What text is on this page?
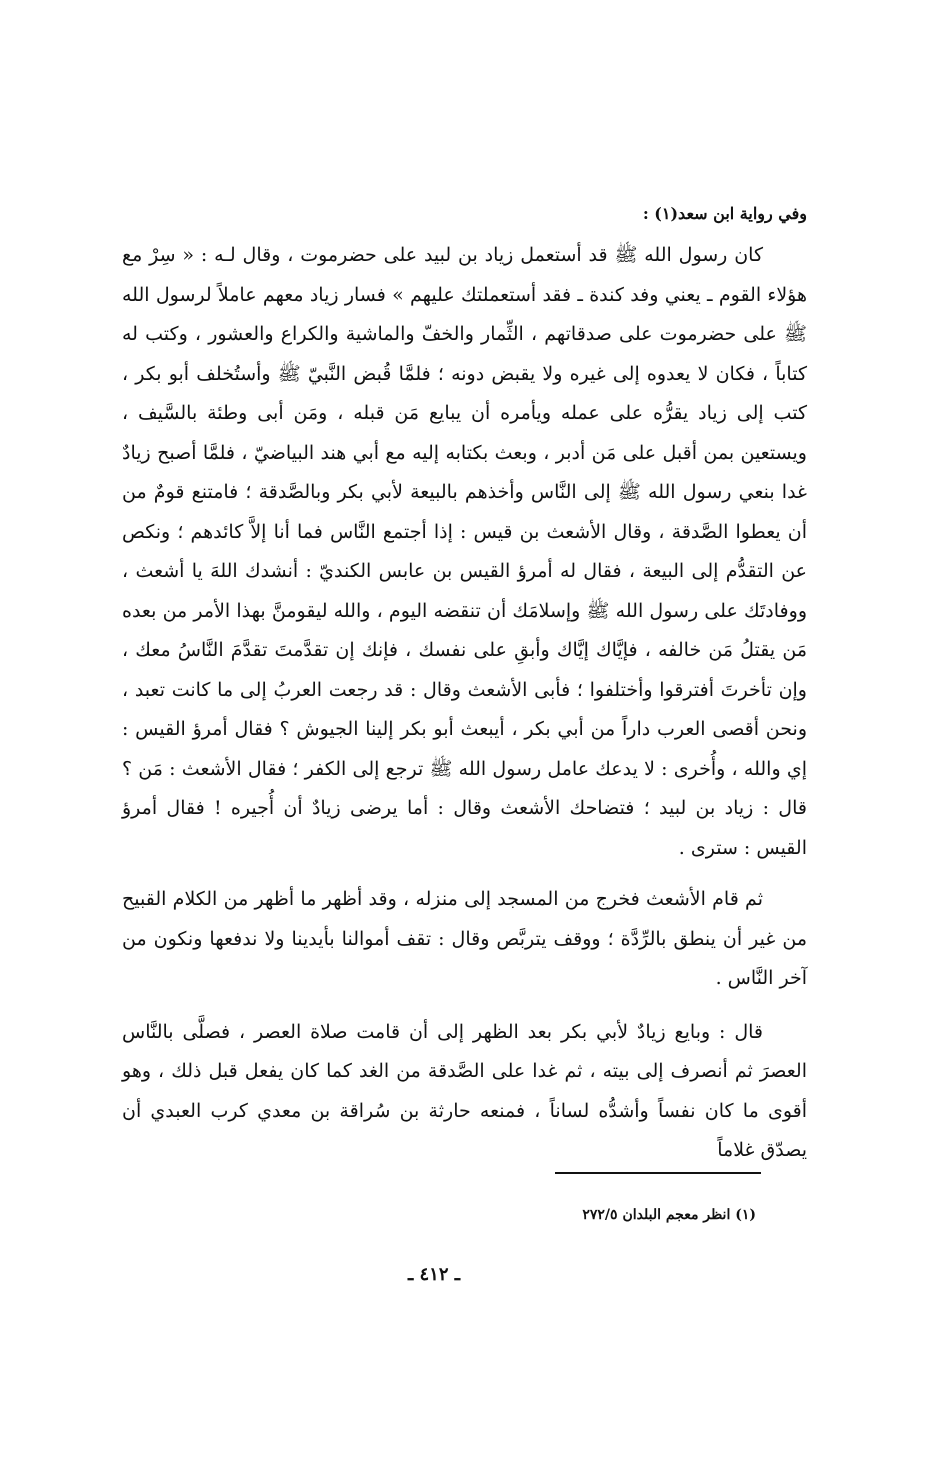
وفي رواية ابن سعد(١) :

كان رسول الله ﷺ قد أستعمل زياد بن لبيد على حضرموت ، وقال لـه : « سِرْ مع هؤلاء القوم ـ يعني وفد كندة ـ فقد أستعملتك عليهم » فسار زياد معهم عاملاً لرسول الله ﷺ على حضرموت على صدقاتهم ، الثِّمار والخفّ والماشية والكراع والعشور ، وكتب له كتاباً ، فكان لا يعدوه إلى غيره ولا يقبض دونه ؛ فلمَّا قُبض النَّبيّ ﷺ وأستُخلف أبو بكر ، كتب إلى زياد يقرُّه على عمله ويأمره أن يبايع مَن قبله ، ومَن أبى وطئة بالسَّيف ، ويستعين بمن أقبل على مَن أدبر ، وبعث بكتابه إليه مع أبي هند البياضيّ ، فلمَّا أصبح زيادٌ غدا بنعي رسول الله ﷺ إلى النَّاس وأخذهم بالبيعة لأبي بكر وبالصَّدقة ؛ فامتنع قومٌ من أن يعطوا الصَّدقة ، وقال الأشعث بن قيس : إذا أجتمع النَّاس فما أنا إلاَّ كائدهم ؛ ونكص عن التقدُّم إلى البيعة ، فقال له أمرؤ القيس بن عابس الكنديّ : أنشدك اللهَ يا أشعث ، ووفادتَك على رسول الله ﷺ وإسلامَك أن تنقضه اليوم ، والله ليقومنَّ بهذا الأمر من بعده مَن يقتلُ مَن خالفه ، فإيَّاك إيَّاك وأبقِ على نفسك ، فإنك إن تقدَّمتَ تقدَّمَ النَّاسُ معك ، وإن تأخرتَ أفترقوا وأختلفوا ؛ فأبى الأشعث وقال : قد رجعت العربُ إلى ما كانت تعبد ، ونحن أقصى العرب داراً من أبي بكر ، أيبعث أبو بكر إلينا الجيوش ؟ فقال أمرؤ القيس : إي والله ، وأُخرى : لا يدعك عامل رسول الله ﷺ ترجع إلى الكفر ؛ فقال الأشعث : مَن ؟ قال : زياد بن لبيد ؛ فتضاحك الأشعث وقال : أما يرضى زيادٌ أن أُجيره ! فقال أمرؤ القيس : سترى .

ثم قام الأشعث فخرج من المسجد إلى منزله ، وقد أظهر ما أظهر من الكلام القبيح من غير أن ينطق بالرِّدَّة ؛ ووقف يتربَّص وقال : تقف أموالنا بأيدينا ولا ندفعها ونكون من آخر النَّاس .

قال : وبايع زيادٌ لأبي بكر بعد الظهر إلى أن قامت صلاة العصر ، فصلَّى بالنَّاس العصرَ ثم أنصرف إلى بيته ، ثم غدا على الصَّدقة من الغد كما كان يفعل قبل ذلك ، وهو أقوى ما كان نفساً وأشدُّه لساناً ، فمنعه حارثة بن سُراقة بن معدي كرب العبدي أن يصدّق غلاماً

(١) انظر معجم البلدان ٢٧٢/٥
ـ ٤١٢ ـ
